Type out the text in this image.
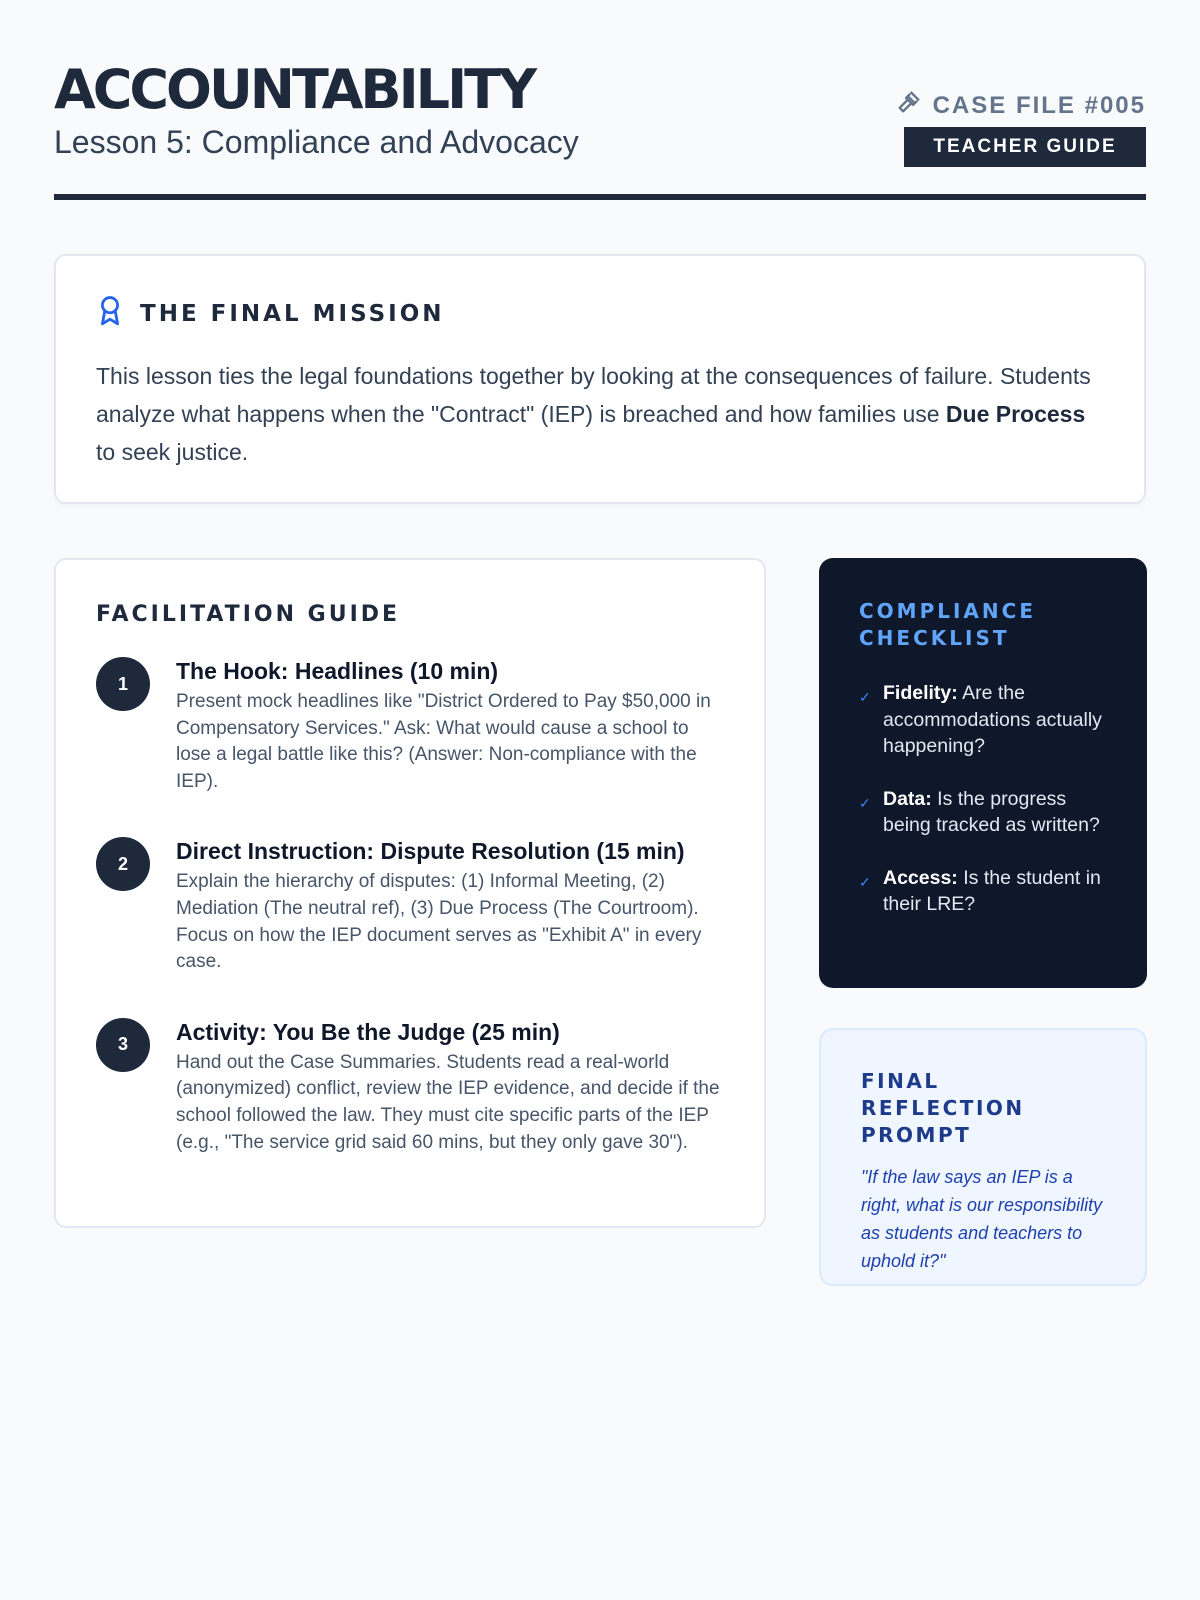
ACCOUNTABILITY
Lesson 5: Compliance and Advocacy
CASE FILE #005
TEACHER GUIDE
THE FINAL MISSION

This lesson ties the legal foundations together by looking at the consequences of failure. Students analyze what happens when the "Contract" (IEP) is breached and how families use Due Process to seek justice.

FACILITATION GUIDE
1	The Hook: Headlines (10 min)
Present mock headlines like "District Ordered to Pay $50,000 in Compensatory Services." Ask: What would cause a school to lose a legal battle like this? (Answer: Non-compliance with the IEP).
2	Direct Instruction: Dispute Resolution (15 min)
Explain the hierarchy of disputes: (1) Informal Meeting, (2) Mediation (The neutral ref), (3) Due Process (The Courtroom). Focus on how the IEP document serves as "Exhibit A" in every case.
3	Activity: You Be the Judge (25 min)
Hand out the Case Summaries. Students read a real-world (anonymized) conflict, review the IEP evidence, and decide if the school followed the law. They must cite specific parts of the IEP (e.g., "The service grid said 60 mins, but they only gave 30").
COMPLIANCE CHECKLIST
✓ Fidelity: Are the accommodations actually happening?
✓ Data: Is the progress being tracked as written?
✓ Access: Is the student in their LRE?
FINAL REFLECTION PROMPT

"If the law says an IEP is a right, what is our responsibility as students and teachers to uphold it?"
